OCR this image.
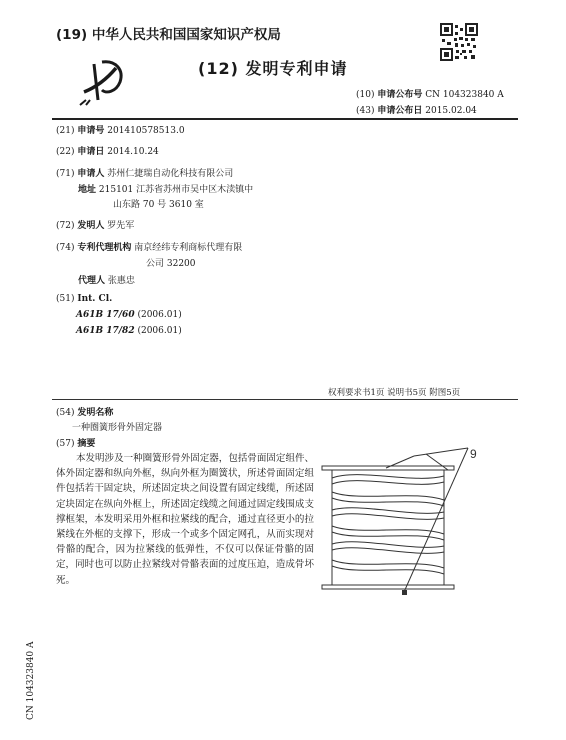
(19) 中华人民共和国国家知识产权局
(12) 发明专利申请
(10) 申请公布号 CN 104323840 A
(43) 申请公布日 2015.02.04
(21) 申请号 201410578513.0
(22) 申请日 2014.10.24
(71) 申请人 苏州仁捷瑞自动化科技有限公司
地址 215101 江苏省苏州市吴中区木渎镇中
山东路 70 号 3610 室
(72) 发明人 罗先军
(74) 专利代理机构 南京经纬专利商标代理有限
公司 32200
代理人 张惠忠
(51) Int. Cl.
A61B 17/60 (2006.01)
A61B 17/82 (2006.01)
权利要求书1页 说明书5页 附图5页
(54) 发明名称
一种圈簧形骨外固定器
(57) 摘要
本发明涉及一种圈簧形骨外固定器，包括骨面固定组件、体外固定器和纵向外框，纵向外框为圈簧状，所述骨面固定组件包括若干固定块，所述固定块之间设置有固定线缆，所述固定块固定在纵向外框上，所述固定线缆之间通过固定线围成支撑框架，本发明采用外框和拉紧线的配合，通过直径更小的拉紧线在外框的支撑下，形成一个或多个固定网孔，从而实现对骨骼的配合，因为拉紧线的低弹性，不仅可以保证骨骼的固定，同时也可以防止拉紧线对骨骼表面的过度压迫，造成骨坏死。
9
CN 104323840 A
